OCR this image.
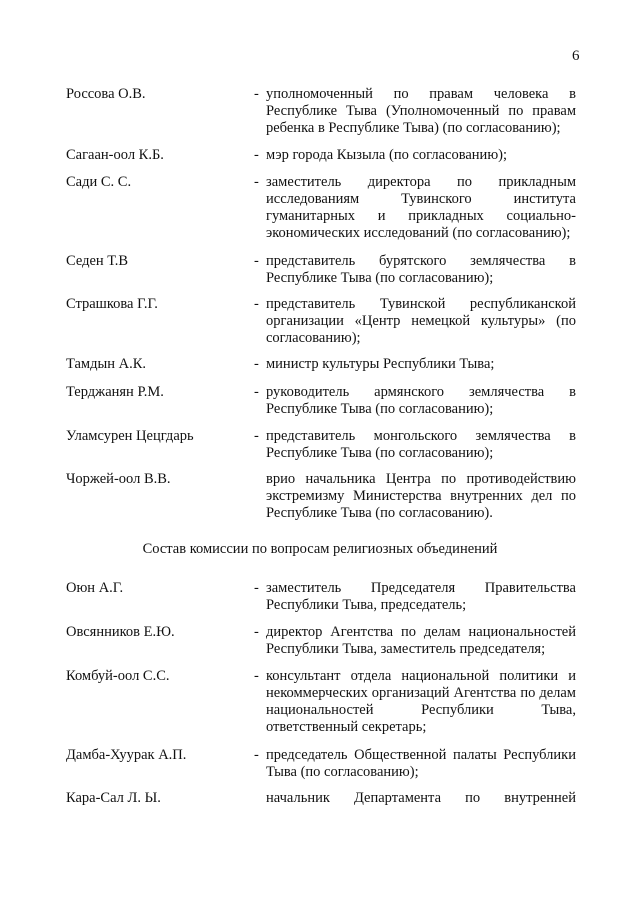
6
Россова О.В.	- уполномоченный по правам человека в Республике Тыва (Уполномоченный по правам ребенка в Республике Тыва) (по согласованию);
Сагаан-оол К.Б.	- мэр города Кызыла (по согласованию);
Сади С. С.	- заместитель директора по прикладным исследованиям Тувинского института гуманитарных и прикладных социально-экономических исследований (по согласованию);
Седен Т.В	- представитель бурятского землячества в Республике Тыва (по согласованию);
Страшкова Г.Г.	- представитель Тувинской республиканской организации «Центр немецкой культуры» (по согласованию);
Тамдын А.К.	- министр культуры Республики Тыва;
Терджанян Р.М.	- руководитель армянского землячества в Республике Тыва (по согласованию);
Уламсурен Цецгдарь	- представитель монгольского землячества в Республике Тыва (по согласованию);
Чоржей-оол В.В.	врио начальника Центра по противодействию экстремизму Министерства внутренних дел по Республике Тыва (по согласованию).
Состав комиссии по вопросам религиозных объединений
Оюн А.Г.	- заместитель Председателя Правительства Республики Тыва, председатель;
Овсянников Е.Ю.	- директор Агентства по делам национальностей Республики Тыва, заместитель председателя;
Комбуй-оол С.С.	- консультант отдела национальной политики и некоммерческих организаций Агентства по делам национальностей Республики Тыва, ответственный секретарь;
Дамба-Хуурак А.П.	- председатель Общественной палаты Республики Тыва (по согласованию);
Кара-Сал Л. Ы.	начальник Департамента по внутренней
